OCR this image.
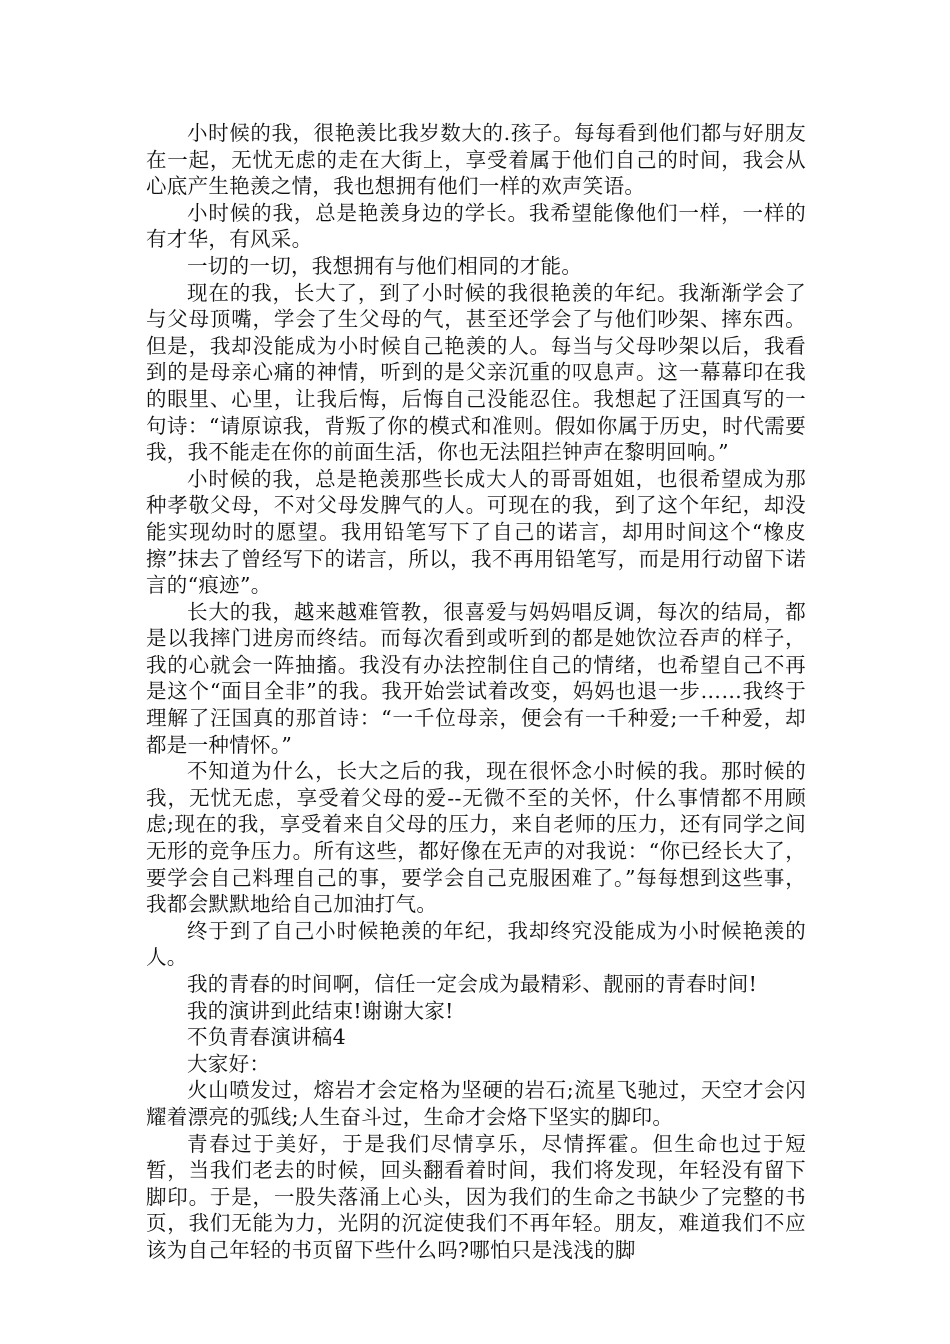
小时候的我，很艳羡比我岁数大的.孩子。每每看到他们都与好朋友在一起，无忧无虑的走在大街上，享受着属于他们自己的时间，我会从心底产生艳羡之情，我也想拥有他们一样的欢声笑语。

小时候的我，总是艳羡身边的学长。我希望能像他们一样，一样的有才华，有风采。

一切的一切，我想拥有与他们相同的才能。

现在的我，长大了，到了小时候的我很艳羡的年纪。我渐渐学会了与父母顶嘴，学会了生父母的气，甚至还学会了与他们吵架、摔东西。但是，我却没能成为小时候自己艳羡的人。每当与父母吵架以后，我看到的是母亲心痛的神情，听到的是父亲沉重的叹息声。这一幕幕印在我的眼里、心里，让我后悔，后悔自己没能忍住。我想起了汪国真写的一句诗：“请原谅我，背叛了你的模式和准则。假如你属于历史，时代需要我，我不能走在你的前面生活，你也无法阻拦钟声在黎明回响。”

小时候的我，总是艳羡那些长成大人的哥哥姐姐，也很希望成为那种孝敬父母，不对父母发脾气的人。可现在的我，到了这个年纪，却没能实现幼时的愿望。我用铅笔写下了自己的诺言，却用时间这个“橡皮擦”抹去了曾经写下的诺言，所以，我不再用铅笔写，而是用行动留下诺言的“痕迹”。

长大的我，越来越难管教，很喜爱与妈妈唱反调，每次的结局，都是以我摔门进房而终结。而每次看到或听到的都是她饮泣吞声的样子，我的心就会一阵抽搐。我没有办法控制住自己的情绪，也希望自己不再是这个“面目全非”的我。我开始尝试着改变，妈妈也退一步……我终于理解了汪国真的那首诗：“一千位母亲，便会有一千种爱;一千种爱，却都是一种情怀。”

不知道为什么，长大之后的我，现在很怀念小时候的我。那时候的我，无忧无虑，享受着父母的爱--无微不至的关怀，什么事情都不用顾虑;现在的我，享受着来自父母的压力，来自老师的压力，还有同学之间无形的竞争压力。所有这些，都好像在无声的对我说：“你已经长大了，要学会自己料理自己的事，要学会自己克服困难了。”每每想到这些事，我都会默默地给自己加油打气。

终于到了自己小时候艳羡的年纪，我却终究没能成为小时候艳羡的人。

我的青春的时间啊，信任一定会成为最精彩、靓丽的青春时间!

我的演讲到此结束!谢谢大家!

不负青春演讲稿4

大家好：

火山喷发过，熔岩才会定格为坚硬的岩石;流星飞驰过，天空才会闪耀着漂亮的弧线;人生奋斗过，生命才会烙下坚实的脚印。

青春过于美好，于是我们尽情享乐，尽情挥霍。但生命也过于短暂，当我们老去的时候，回头翻看着时间，我们将发现，年轻没有留下脚印。于是，一股失落涌上心头，因为我们的生命之书缺少了完整的书页，我们无能为力，光阴的沉淀使我们不再年轻。朋友，难道我们不应该为自己年轻的书页留下些什么吗?哪怕只是浅浅的脚
